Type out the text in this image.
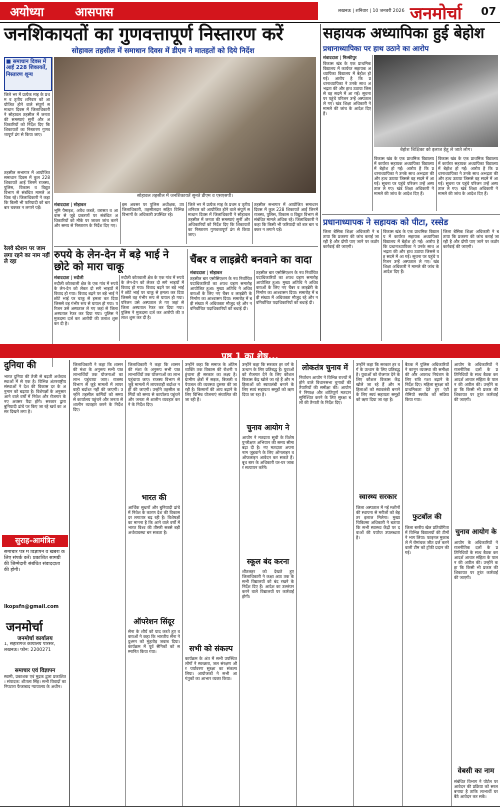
अयोध्या	आसपास	लखनऊ | शनिवार | 10 जनवरी 2026 जनमोर्चा 07
जनशिकायतों का गुणवत्तापूर्ण निस्तारण करें
सोहावल तहसील में समाधान दिवस में डीएम ने मातहतों को दिये निर्देश
■ समाधान दिवस में आईं 228 शिकायतें, निस्तारण शून्य
जिले भर में प्रत्येक माह के प्रथम व तृतीय शनिवार को आयोजित होने वाले संपूर्ण समाधान दिवस में जिलाधिकारी ने सोहावल तहसील में जनता की समस्याएं सुनीं और अधिकारियों को निर्देश दिए कि शिकायतों का निस्तारण गुणवत्तापूर्ण ढंग से किया जाए।
तहसील सभागार में आयोजित समाधान दिवस में कुल 228 शिकायतें आईं जिनमें राजस्व, पुलिस, विकास व विद्युत विभाग से संबंधित मामले अधिक रहे। जिलाधिकारी ने कहा कि किसी भी फरियादी को बार बार चक्कर न लगाने पड़ें।
सोहावल तहसील में जनशिकायतें सुनते डीएम व एसएसपी।
संवाददाता | सोहावल
भूमि पैमाइश, अवैध कब्जे, वरासत व आवास से जुड़े प्रकरणों पर संबंधित अधिकारियों को मौके पर जाकर जांच करने और समय से निस्तारण के निर्देश दिए गए।
इस अवसर पर पुलिस अधीक्षक, उपजिलाधिकारी, तहसीलदार सहित विभिन्न विभागों के अधिकारी उपस्थित रहे।
जिले भर में प्रत्येक माह के प्रथम व तृतीय शनिवार को आयोजित होने वाले संपूर्ण समाधान दिवस में जिलाधिकारी ने सोहावल तहसील में जनता की समस्याएं सुनीं और अधिकारियों को निर्देश दिए कि शिकायतों का निस्तारण गुणवत्तापूर्ण ढंग से किया जाए।
तहसील सभागार में आयोजित समाधान दिवस में कुल 228 शिकायतें आईं जिनमें राजस्व, पुलिस, विकास व विद्युत विभाग से संबंधित मामले अधिक रहे। जिलाधिकारी ने कहा कि किसी भी फरियादी को बार बार चक्कर न लगाने पड़ें।
रेलवे स्टेशन पर जाम लगा रहने का नाम नहीं ले रहा
रुपये के लेन-देन में बड़े भाई ने छोटे को मारा चाकू
संवाददाता | रुदौली
रुदौली कोतवाली क्षेत्र के एक गांव में रुपये के लेन-देन को लेकर दो सगे भाइयों में विवाद हो गया। विवाद बढ़ने पर बड़े भाई ने छोटे भाई पर चाकू से हमला कर दिया जिससे वह गंभीर रूप से घायल हो गया। परिजन उसे अस्पताल ले गए जहां से जिला अस्पताल रेफर कर दिया गया। पुलिस ने मुकदमा दर्ज कर आरोपी की तलाश शुरू कर दी है।
रुदौली कोतवाली क्षेत्र के एक गांव में रुपये के लेन-देन को लेकर दो सगे भाइयों में विवाद हो गया। विवाद बढ़ने पर बड़े भाई ने छोटे भाई पर चाकू से हमला कर दिया जिससे वह गंभीर रूप से घायल हो गया। परिजन उसे अस्पताल ले गए जहां से जिला अस्पताल रेफर कर दिया गया। पुलिस ने मुकदमा दर्ज कर आरोपी की तलाश शुरू कर दी है।
चैंबर व लाइब्रेरी बनवाने का वादा
संवाददाता | सोहावल
तहसील बार एसोसिएशन के नव निर्वाचित पदाधिकारियों का शपथ ग्रहण समारोह आयोजित हुआ। मुख्य अतिथि ने अधिवक्ताओं के लिए नए चैंबर व लाइब्रेरी के निर्माण का आश्वासन दिया। समारोह में बड़ी संख्या में अधिवक्ता मौजूद रहे और नवनिर्वाचित पदाधिकारियों को बधाई दी।
तहसील बार एसोसिएशन के नव निर्वाचित पदाधिकारियों का शपथ ग्रहण समारोह आयोजित हुआ। मुख्य अतिथि ने अधिवक्ताओं के लिए नए चैंबर व लाइब्रेरी के निर्माण का आश्वासन दिया। समारोह में बड़ी संख्या में अधिवक्ता मौजूद रहे और नवनिर्वाचित पदाधिकारियों को बधाई दी।
सहायक अध्यापिका हुई बेहोश
प्रधानाध्यापिका पर हाथ उठाने का आरोप
संवाददाता | मिल्कीपुर
विकास खंड के एक प्राथमिक विद्यालय में कार्यरत सहायक अध्यापिका विद्यालय में बेहोश हो गईं। आरोप है कि प्रधानाध्यापिका ने उनके साथ अभद्रता की और हाथ उठाया जिससे वह सदमे में आ गईं। सूचना पर पहुंचे परिजन उन्हें अस्पताल ले गए। खंड शिक्षा अधिकारी ने मामले की जांच के आदेश दिए हैं।
बेहोश शिक्षिका को इलाज हेतु ले जाते लोग।
विकास खंड के एक प्राथमिक विद्यालय में कार्यरत सहायक अध्यापिका विद्यालय में बेहोश हो गईं। आरोप है कि प्रधानाध्यापिका ने उनके साथ अभद्रता की और हाथ उठाया जिससे वह सदमे में आ गईं। सूचना पर पहुंचे परिजन उन्हें अस्पताल ले गए। खंड शिक्षा अधिकारी ने मामले की जांच के आदेश दिए हैं।
विकास खंड के एक प्राथमिक विद्यालय में कार्यरत सहायक अध्यापिका विद्यालय में बेहोश हो गईं। आरोप है कि प्रधानाध्यापिका ने उनके साथ अभद्रता की और हाथ उठाया जिससे वह सदमे में आ गईं। सूचना पर पहुंचे परिजन उन्हें अस्पताल ले गए। खंड शिक्षा अधिकारी ने मामले की जांच के आदेश दिए हैं।
प्रधानाध्यापक ने सहायक को पीटा, रस्सेड
जिला बेसिक शिक्षा अधिकारी ने बताया कि प्रकरण की जांच कराई जा रही है और दोषी पाए जाने पर कठोर कार्रवाई की जाएगी।
विकास खंड के एक प्राथमिक विद्यालय में कार्यरत सहायक अध्यापिका विद्यालय में बेहोश हो गईं। आरोप है कि प्रधानाध्यापिका ने उनके साथ अभद्रता की और हाथ उठाया जिससे वह सदमे में आ गईं। सूचना पर पहुंचे परिजन उन्हें अस्पताल ले गए। खंड शिक्षा अधिकारी ने मामले की जांच के आदेश दिए हैं।
जिला बेसिक शिक्षा अधिकारी ने बताया कि प्रकरण की जांच कराई जा रही है और दोषी पाए जाने पर कठोर कार्रवाई की जाएगी।
पृष्ठ 1 का शेष...
दुनिया की
भारत दुनिया की तेजी से बढ़ती अर्थव्यवस्थाओं में से एक है। विभिन्न अंतरराष्ट्रीय संस्थाओं ने देश की विकास दर के अनुमान को बढ़ाया है। विशेषज्ञों के अनुसार आने वाले वर्षों में निवेश और रोजगार के नए अवसर पैदा होंगे। सरकार द्वारा बुनियादी ढांचे पर किए जा रहे खर्च का असर दिखने लगा है।
सुराह-आमंत्रित
समाचार पत्र में विज्ञापन व खबरों के लिए संपर्क करें। प्रकाशित सामग्री की जिम्मेदारी संबंधित संवाददाता की होगी।
lkopsfn@gmail.com
जनमोर्चा
जनमोर्चा कार्यालय
1, सहारागंज कार्यालय परिसर, लखनऊ। फोन: 2200271
समाचार एवं विज्ञापन
स्वामी, प्रकाशक एवं मुद्रक द्वारा प्रकाशित। संपादक: शीतला सिंह। सभी विवादों का निपटारा फैजाबाद न्यायालय के अधीन।
जिलाधिकारी ने कहा कि शासन की मंशा के अनुरूप सभी पात्र लाभार्थियों तक योजनाओं का लाभ पहुंचाया जाए। राजस्व विभाग से जुड़े मामलों में लापरवाही बर्दाश्त नहीं की जाएगी। उन्होंने तहसील कर्मियों को समय से कार्यालय पहुंचने और जनता से शालीन व्यवहार करने के निर्देश दिए।
जिलाधिकारी ने कहा कि शासन की मंशा के अनुरूप सभी पात्र लाभार्थियों तक योजनाओं का लाभ पहुंचाया जाए। राजस्व विभाग से जुड़े मामलों में लापरवाही बर्दाश्त नहीं की जाएगी। उन्होंने तहसील कर्मियों को समय से कार्यालय पहुंचने और जनता से शालीन व्यवहार करने के निर्देश दिए।
भारत की
आर्थिक सुधारों और बुनियादी ढांचे में निवेश के कारण देश की विकास दर लगातार बढ़ रही है। विशेषज्ञों का मानना है कि आने वाले वर्षों में भारत विश्व की तीसरी सबसे बड़ी अर्थव्यवस्था बन सकता है।
ऑपरेशन सिंदूर
सेना के शौर्य को याद करते हुए वक्ताओं ने कहा कि भारतीय सेना ने दुश्मन को मुंहतोड़ जवाब दिया। कार्यक्रम में पूर्व सैनिकों को सम्मानित किया गया।
उन्होंने कहा कि समाज के अंतिम व्यक्ति तक विकास की रोशनी पहुंचाना ही सरकार का लक्ष्य है। ग्रामीण क्षेत्रों में सड़क, बिजली व पेयजल की व्यवस्था दुरुस्त की जा रही है। किसानों की आय बढ़ाने के लिए विभिन्न योजनाएं संचालित की जा रही हैं।
सभी को संकल्प
कार्यक्रम के अंत में सभी उपस्थित लोगों ने स्वच्छता, जल संरक्षण और पर्यावरण सुरक्षा का संकल्प लिया। आयोजकों ने सभी आगंतुकों का आभार व्यक्त किया।
उन्होंने कहा कि सरकार हर वर्ग के उत्थान के लिए प्रतिबद्ध है। युवाओं को रोजगार देने के लिए कौशल विकास केंद्र खोले जा रहे हैं और महिलाओं को स्वावलंबी बनाने के लिए स्वयं सहायता समूहों को ऋण दिया जा रहा है।
चुनाव आयोग ने
आयोग ने मतदाता सूची के विशेष पुनरीक्षण अभियान की समय सीमा बढ़ा दी है। नए मतदाता अपना नाम जुड़वाने के लिए ऑनलाइन व ऑफलाइन आवेदन कर सकते हैं। बूथ स्तर के अधिकारी घर-घर जाकर सत्यापन करेंगे।
स्कूल बंद करना
शीतलहर को देखते हुए जिलाधिकारी ने कक्षा आठ तक के सभी विद्यालयों को बंद रखने के निर्देश दिए हैं। आदेश का उल्लंघन करने वाले विद्यालयों पर कार्रवाई होगी।
लोकतंत्र चुनाव में
निर्वाचन आयोग ने विभिन्न राज्यों में होने वाले विधानसभा चुनावों की तैयारियों की समीक्षा की। आयोग ने निष्पक्ष और शांतिपूर्ण मतदान सुनिश्चित करने के लिए सुरक्षा बलों की तैनाती के निर्देश दिए।
उन्होंने कहा कि सरकार हर वर्ग के उत्थान के लिए प्रतिबद्ध है। युवाओं को रोजगार देने के लिए कौशल विकास केंद्र खोले जा रहे हैं और महिलाओं को स्वावलंबी बनाने के लिए स्वयं सहायता समूहों को ऋण दिया जा रहा है।
स्वास्थ्य सरकार
जिला अस्पताल में नई मशीनों की स्थापना से मरीजों को बेहतर इलाज मिलेगा। मुख्य चिकित्सा अधिकारी ने बताया कि सभी स्वास्थ्य केंद्रों पर दवाओं की पर्याप्त उपलब्धता है।
बैठक में पुलिस अधिकारियों ने कानून व्यवस्था की समीक्षा की और अपराध नियंत्रण के लिए रात्रि गश्त बढ़ाने के निर्देश दिए। महिला सुरक्षा को प्राथमिकता देते हुए एंटी रोमियो स्क्वॉड को सक्रिय किया गया।
फुटबॉल की
जिला स्तरीय खेल प्रतियोगिता में विभिन्न विद्यालयों की टीमों ने भाग लिया। फाइनल मुकाबले में रोमांचक जीत दर्ज करने वाली टीम को ट्रॉफी प्रदान की गई।
आयोग के अधिकारियों ने राजनीतिक दलों के प्रतिनिधियों के साथ बैठक कर आदर्श आचार संहिता के पालन की अपील की। उन्होंने कहा कि किसी भी प्रकार की शिकायत पर तुरंत कार्रवाई की जाएगी।
चुनाव आयोग के
आयोग के अधिकारियों ने राजनीतिक दलों के प्रतिनिधियों के साथ बैठक कर आदर्श आचार संहिता के पालन की अपील की। उन्होंने कहा कि किसी भी प्रकार की शिकायत पर तुरंत कार्रवाई की जाएगी।
वेबसी का नाम
संबंधित विभाग ने पोर्टल पर आवेदन की प्रक्रिया को सरल बनाया है ताकि लाभार्थी घर बैठे आवेदन कर सकें।
